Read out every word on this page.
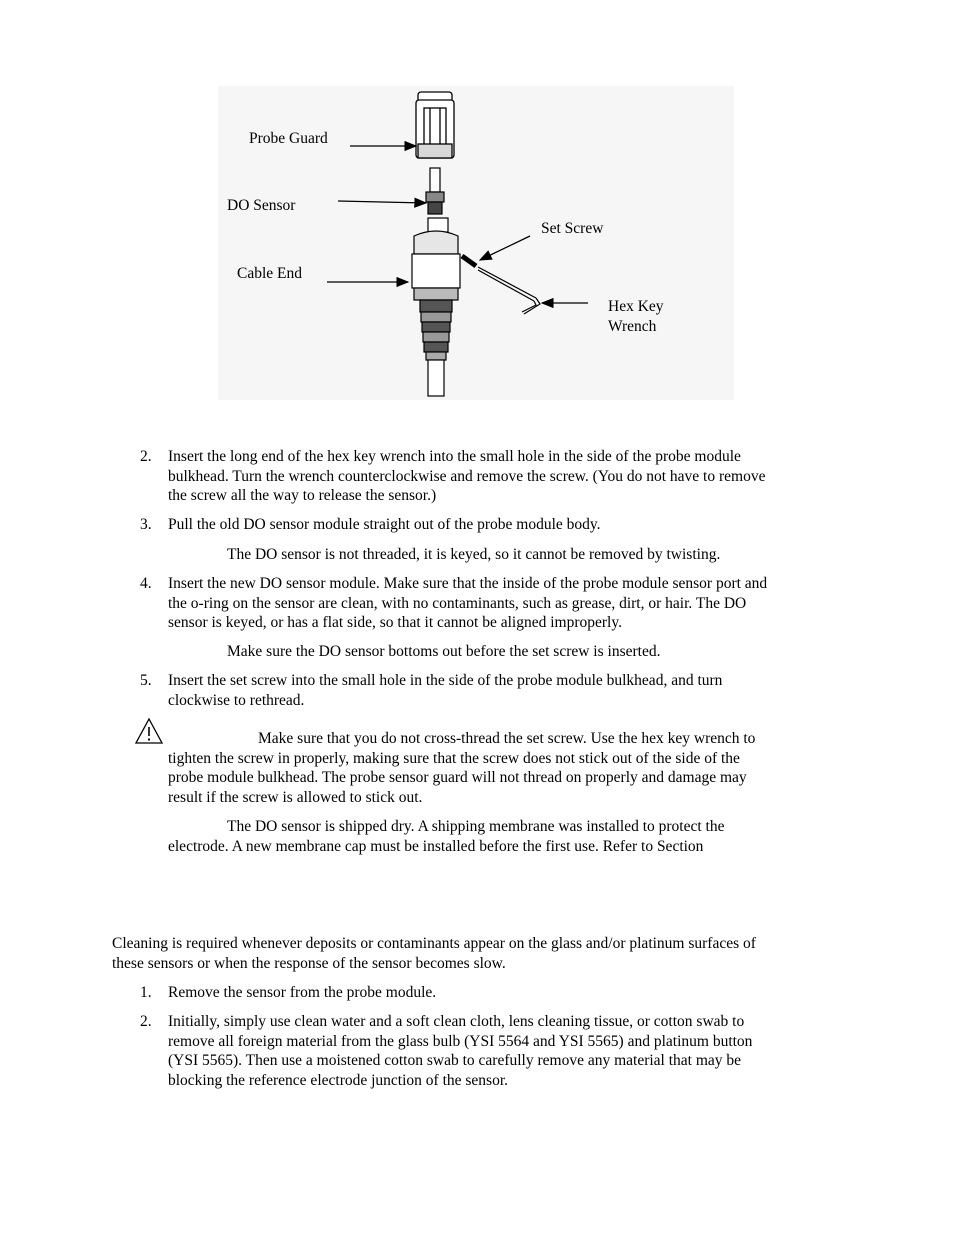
Probe Guard
DO Sensor
Cable End
Set Screw
Hex Key
Wrench
2. Insert the long end of the hex key wrench into the small hole in the side of the probe module
bulkhead. Turn the wrench counterclockwise and remove the screw. (You do not have to remove
the screw all the way to release the sensor.)
3. Pull the old DO sensor module straight out of the probe module body.
The DO sensor is not threaded, it is keyed, so it cannot be removed by twisting.
4. Insert the new DO sensor module. Make sure that the inside of the probe module sensor port and
the o-ring on the sensor are clean, with no contaminants, such as grease, dirt, or hair. The DO
sensor is keyed, or has a flat side, so that it cannot be aligned improperly.
Make sure the DO sensor bottoms out before the set screw is inserted.
5. Insert the set screw into the small hole in the side of the probe module bulkhead, and turn
clockwise to rethread.
Make sure that you do not cross-thread the set screw. Use the hex key wrench to
tighten the screw in properly, making sure that the screw does not stick out of the side of the
probe module bulkhead. The probe sensor guard will not thread on properly and damage may
result if the screw is allowed to stick out.
The DO sensor is shipped dry. A shipping membrane was installed to protect the
electrode. A new membrane cap must be installed before the first use. Refer to Section
Cleaning is required whenever deposits or contaminants appear on the glass and/or platinum surfaces of
these sensors or when the response of the sensor becomes slow.
1. Remove the sensor from the probe module.
2. Initially, simply use clean water and a soft clean cloth, lens cleaning tissue, or cotton swab to
remove all foreign material from the glass bulb (YSI 5564 and YSI 5565) and platinum button
(YSI 5565). Then use a moistened cotton swab to carefully remove any material that may be
blocking the reference electrode junction of the sensor.
